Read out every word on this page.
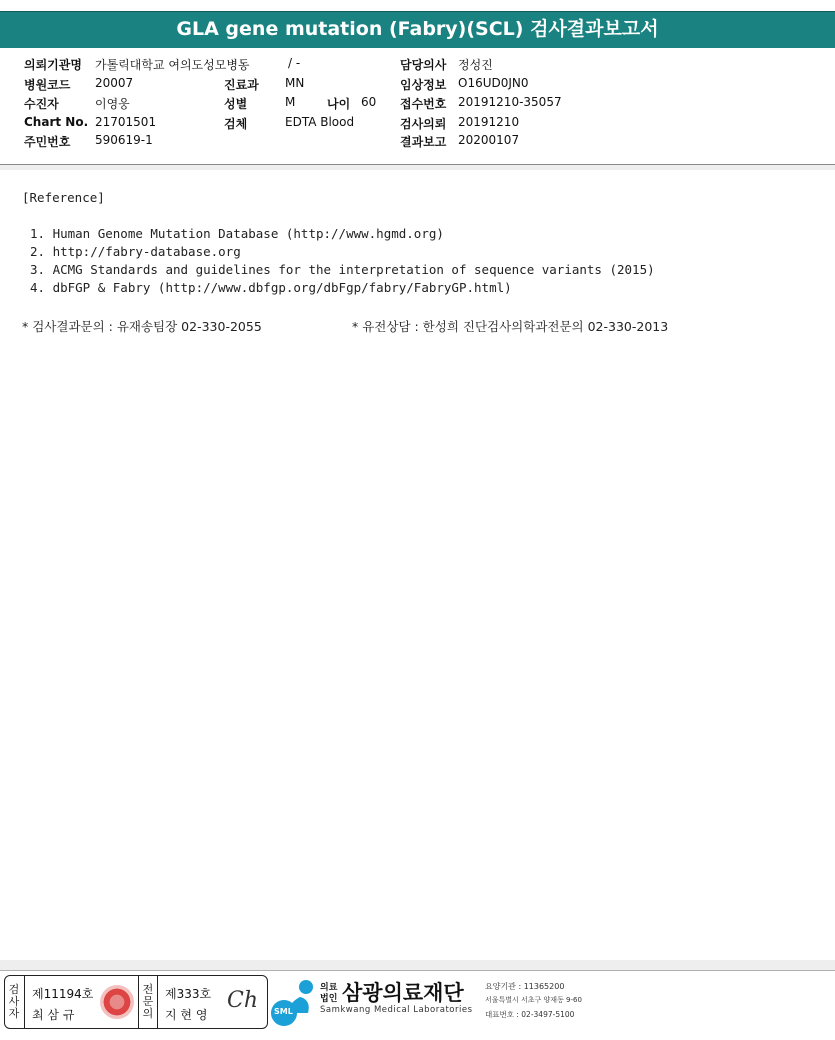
GLA gene mutation (Fabry)(SCL) 검사결과보고서
의뢰기관명 가톨릭대학교 여의도성모병동	/ -
병원코드 20007
수진자	이영웅
Chart No. 21701501
주민번호 590619-1
진료과 MN
성별	M	나이 60
검체	EDTA Blood
담당의사 정성진
임상정보 O16UD0JN0
접수번호 20191210-35057
검사의뢰 20191210
결과보고 20200107
[Reference]
1. Human Genome Mutation Database (http://www.hgmd.org)
2. http://fabry-database.org
3. ACMG Standards and guidelines for the interpretation of sequence variants (2015)
4. dbFGP & Fabry (http://www.dbfgp.org/dbFgp/fabry/FabryGP.html)
* 검사결과문의 : 유재송팀장 02-330-2055	* 유전상담 : 한성희 진단검사의학과전문의 02-330-2013
검사자
제11194호
최 삼 규
전문의
제333호
지 현 영
Ch SML
의료
법인 삼광의료재단
Samkwang Medical Laboratories
요양기관 : 11365200
서울특별시 서초구 양재동 9-60
대표번호 : 02-3497-5100
